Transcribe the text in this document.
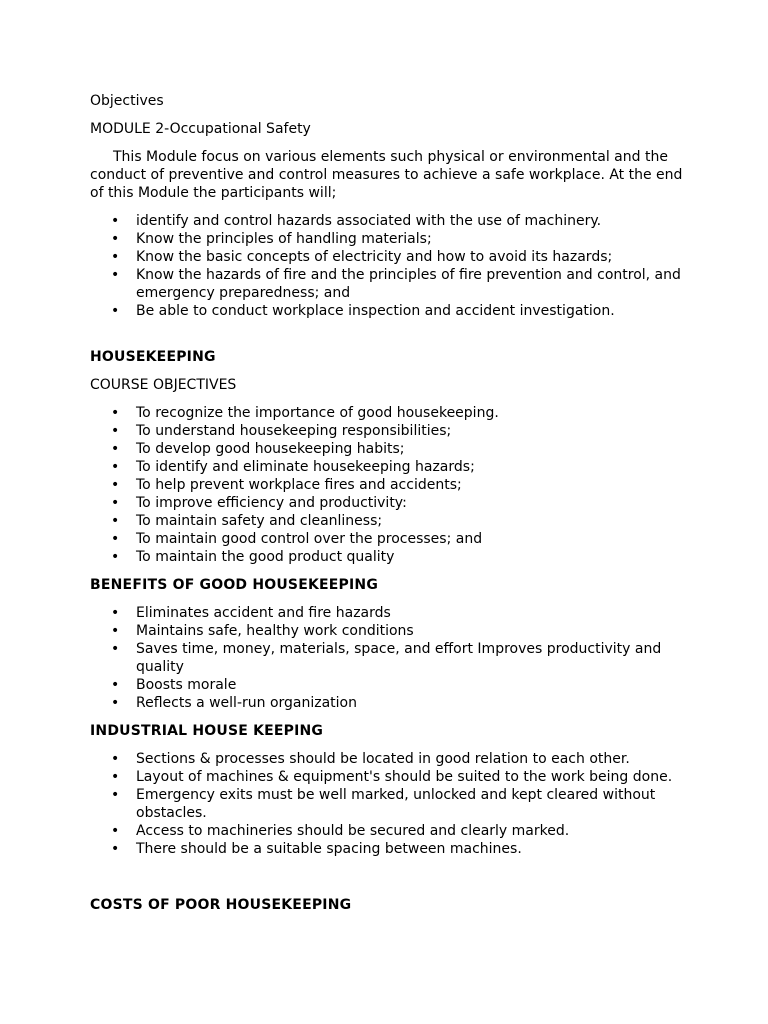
Objectives

MODULE 2-Occupational Safety

This Module focus on various elements such physical or environmental and the conduct of preventive and control measures to achieve a safe workplace. At the end of this Module the participants will;

• identify and control hazards associated with the use of machinery.
• Know the principles of handling materials;
• Know the basic concepts of electricity and how to avoid its hazards;
• Know the hazards of fire and the principles of fire prevention and control, and emergency preparedness; and
• Be able to conduct workplace inspection and accident investigation.
HOUSEKEEPING

COURSE OBJECTIVES

• To recognize the importance of good housekeeping.
• To understand housekeeping responsibilities;
• To develop good housekeeping habits;
• To identify and eliminate housekeeping hazards;
• To help prevent workplace fires and accidents;
• To improve efficiency and productivity:
• To maintain safety and cleanliness;
• To maintain good control over the processes; and
• To maintain the good product quality
BENEFITS OF GOOD HOUSEKEEPING
• Eliminates accident and fire hazards
• Maintains safe, healthy work conditions
• Saves time, money, materials, space, and effort Improves productivity and quality
• Boosts morale
• Reflects a well-run organization
INDUSTRIAL HOUSE KEEPING
• Sections & processes should be located in good relation to each other.
• Layout of machines & equipment's should be suited to the work being done.
• Emergency exits must be well marked, unlocked and kept cleared without obstacles.
• Access to machineries should be secured and clearly marked.
• There should be a suitable spacing between machines.
COSTS OF POOR HOUSEKEEPING
